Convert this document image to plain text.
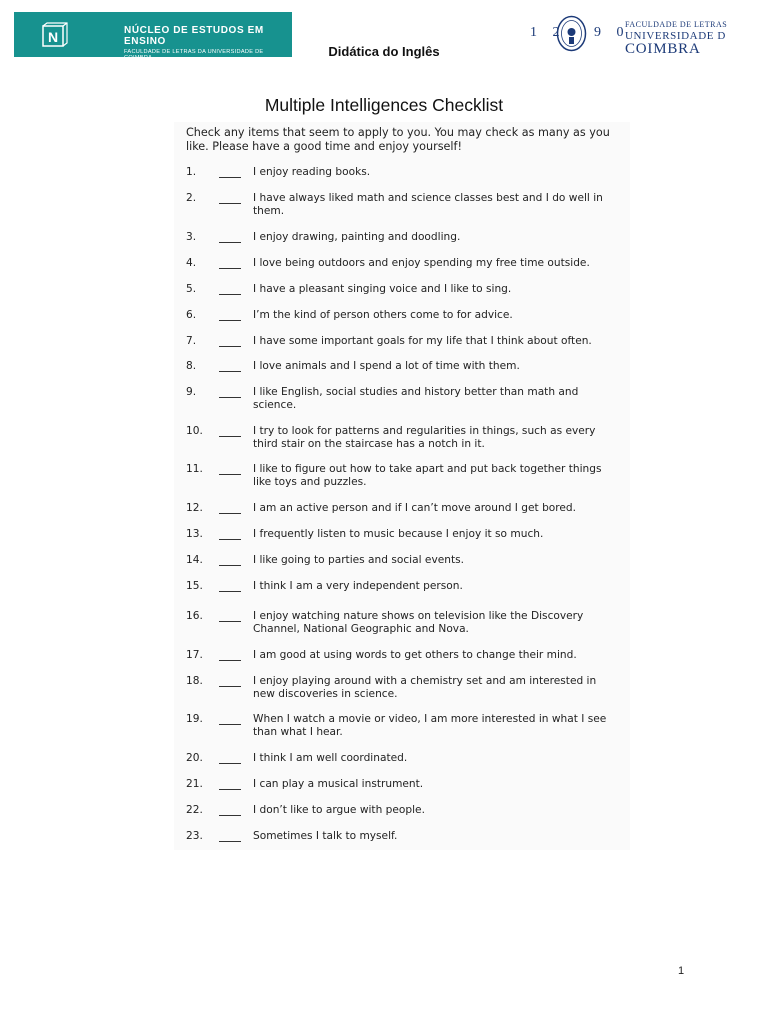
N	NÚCLEO DE ESTUDOS EM ENSINO
FACULDADE DE LETRAS DA UNIVERSIDADE DE COIMBRA
1 2 9 0
FACULDADE DE LETRAS
UNIVERSIDADE D
COIMBRA
Didática do Inglês
Multiple Intelligences Checklist
Check any items that seem to apply to you. You may check as many as you like. Please have a good time and enjoy yourself!
1.	I enjoy reading books.
2.	I have always liked math and science classes best and I do well in them.
3.	I enjoy drawing, painting and doodling.
4.	I love being outdoors and enjoy spending my free time outside.
5.	I have a pleasant singing voice and I like to sing.
6.	I’m the kind of person others come to for advice.
7.	I have some important goals for my life that I think about often.
8.	I love animals and I spend a lot of time with them.
9.	I like English, social studies and history better than math and science.
10.	I try to look for patterns and regularities in things, such as every third stair on the staircase has a notch in it.
11.	I like to figure out how to take apart and put back together things like toys and puzzles.
12.	I am an active person and if I can’t move around I get bored.
13.	I frequently listen to music because I enjoy it so much.
14.	I like going to parties and social events.
15.	I think I am a very independent person.
16.	I enjoy watching nature shows on television like the Discovery Channel, National Geographic and Nova.
17.	I am good at using words to get others to change their mind.
18.	I enjoy playing around with a chemistry set and am interested in new discoveries in science.
19.	When I watch a movie or video, I am more interested in what I see than what I hear.
20.	I think I am well coordinated.
21.	I can play a musical instrument.
22.	I don’t like to argue with people.
23.	Sometimes I talk to myself.
1
